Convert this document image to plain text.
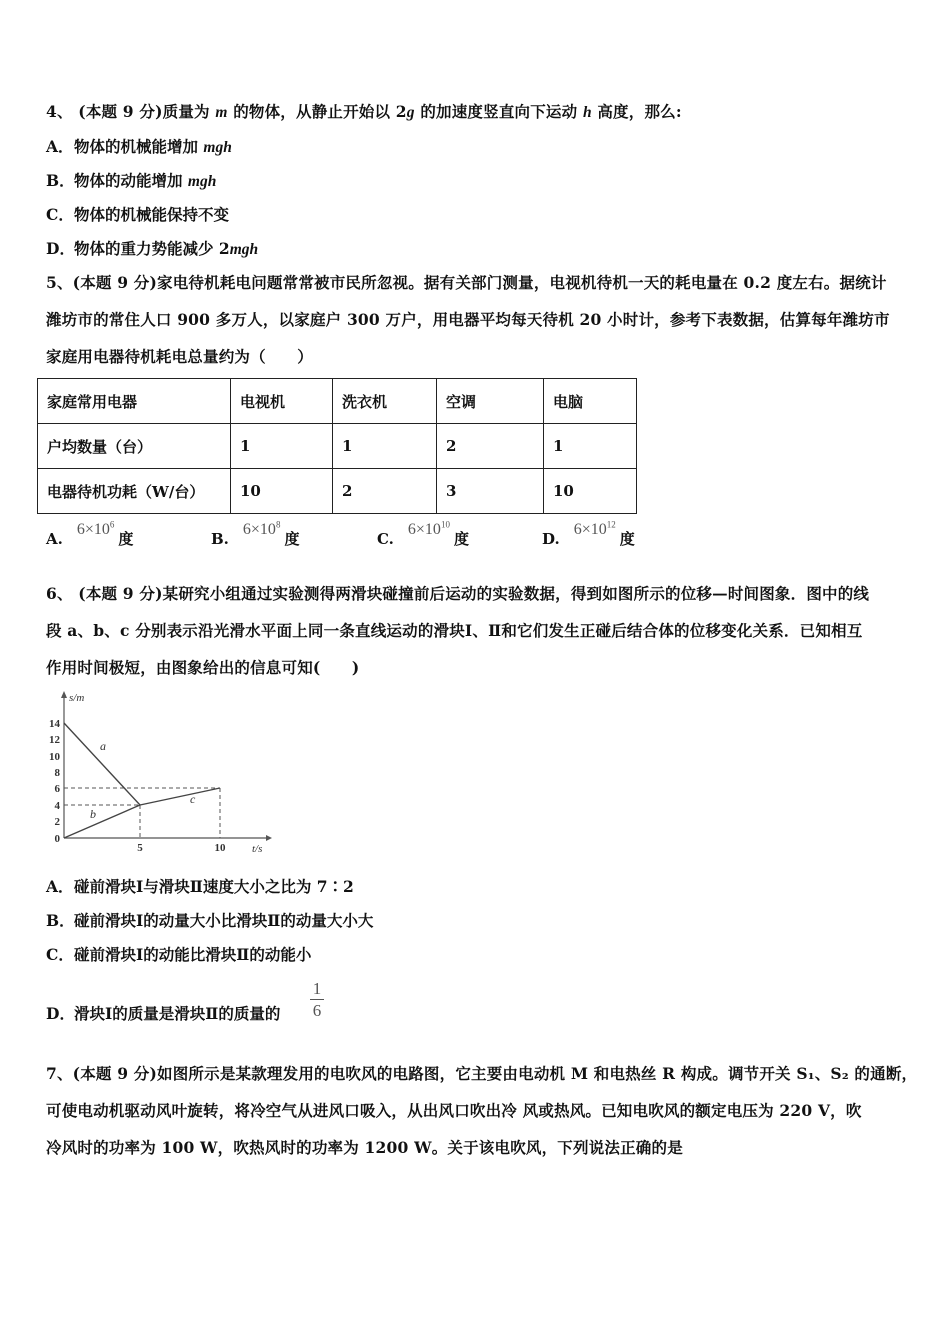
4、 (本题 9 分)质量为 m 的物体，从静止开始以 2g 的加速度竖直向下运动 h 高度，那么:
A．物体的机械能增加 mgh
B．物体的动能增加 mgh
C．物体的机械能保持不变
D．物体的重力势能减少 2mgh
5、(本题 9 分)家电待机耗电问题常常被市民所忽视。据有关部门测量，电视机待机一天的耗电量在 0.2 度左右。据统计
潍坊市的常住人口 900 多万人，以家庭户 300 万户，用电器平均每天待机 20 小时计，参考下表数据，估算每年潍坊市
家庭用电器待机耗电总量约为（　　）
家庭常用电器	电视机	洗衣机	空调	电脑
户均数量（台）	1	1	2	1
电器待机功耗（W/台）	10	2	3	10
$A.6\times 10^6$度	$B.6\times 10^8$度	$C.6\times 10^{10}$度	$D.6\times 10^{12}$度
6、 (本题 9 分)某研究小组通过实验测得两滑块碰撞前后运动的实验数据，得到如图所示的位移—时间图象．图中的线
段 a、b、c 分别表示沿光滑水平面上同一条直线运动的滑块Ⅰ、Ⅱ和它们发生正碰后结合体的位移变化关系．已知相互
作用时间极短，由图象给出的信息可知(　　)
s/m
t/s
0
2
4
6
8
10
12
14
5	10
a
b
c
A．碰前滑块Ⅰ与滑块Ⅱ速度大小之比为 7∶2
B．碰前滑块Ⅰ的动量大小比滑块Ⅱ的动量大小大
C．碰前滑块Ⅰ的动能比滑块Ⅱ的动能小
D．滑块Ⅰ的质量是滑块Ⅱ的质量的 $\frac{1}{6}$
7、(本题 9 分)如图所示是某款理发用的电吹风的电路图，它主要由电动机 M 和电热丝 R 构成。调节开关 S₁、S₂ 的通断，
可使电动机驱动风叶旋转，将冷空气从进风口吸入，从出风口吹出冷 风或热风。已知电吹风的额定电压为 220 V，吹
冷风时的功率为 100 W，吹热风时的功率为 1200 W。关于该电吹风，下列说法正确的是
